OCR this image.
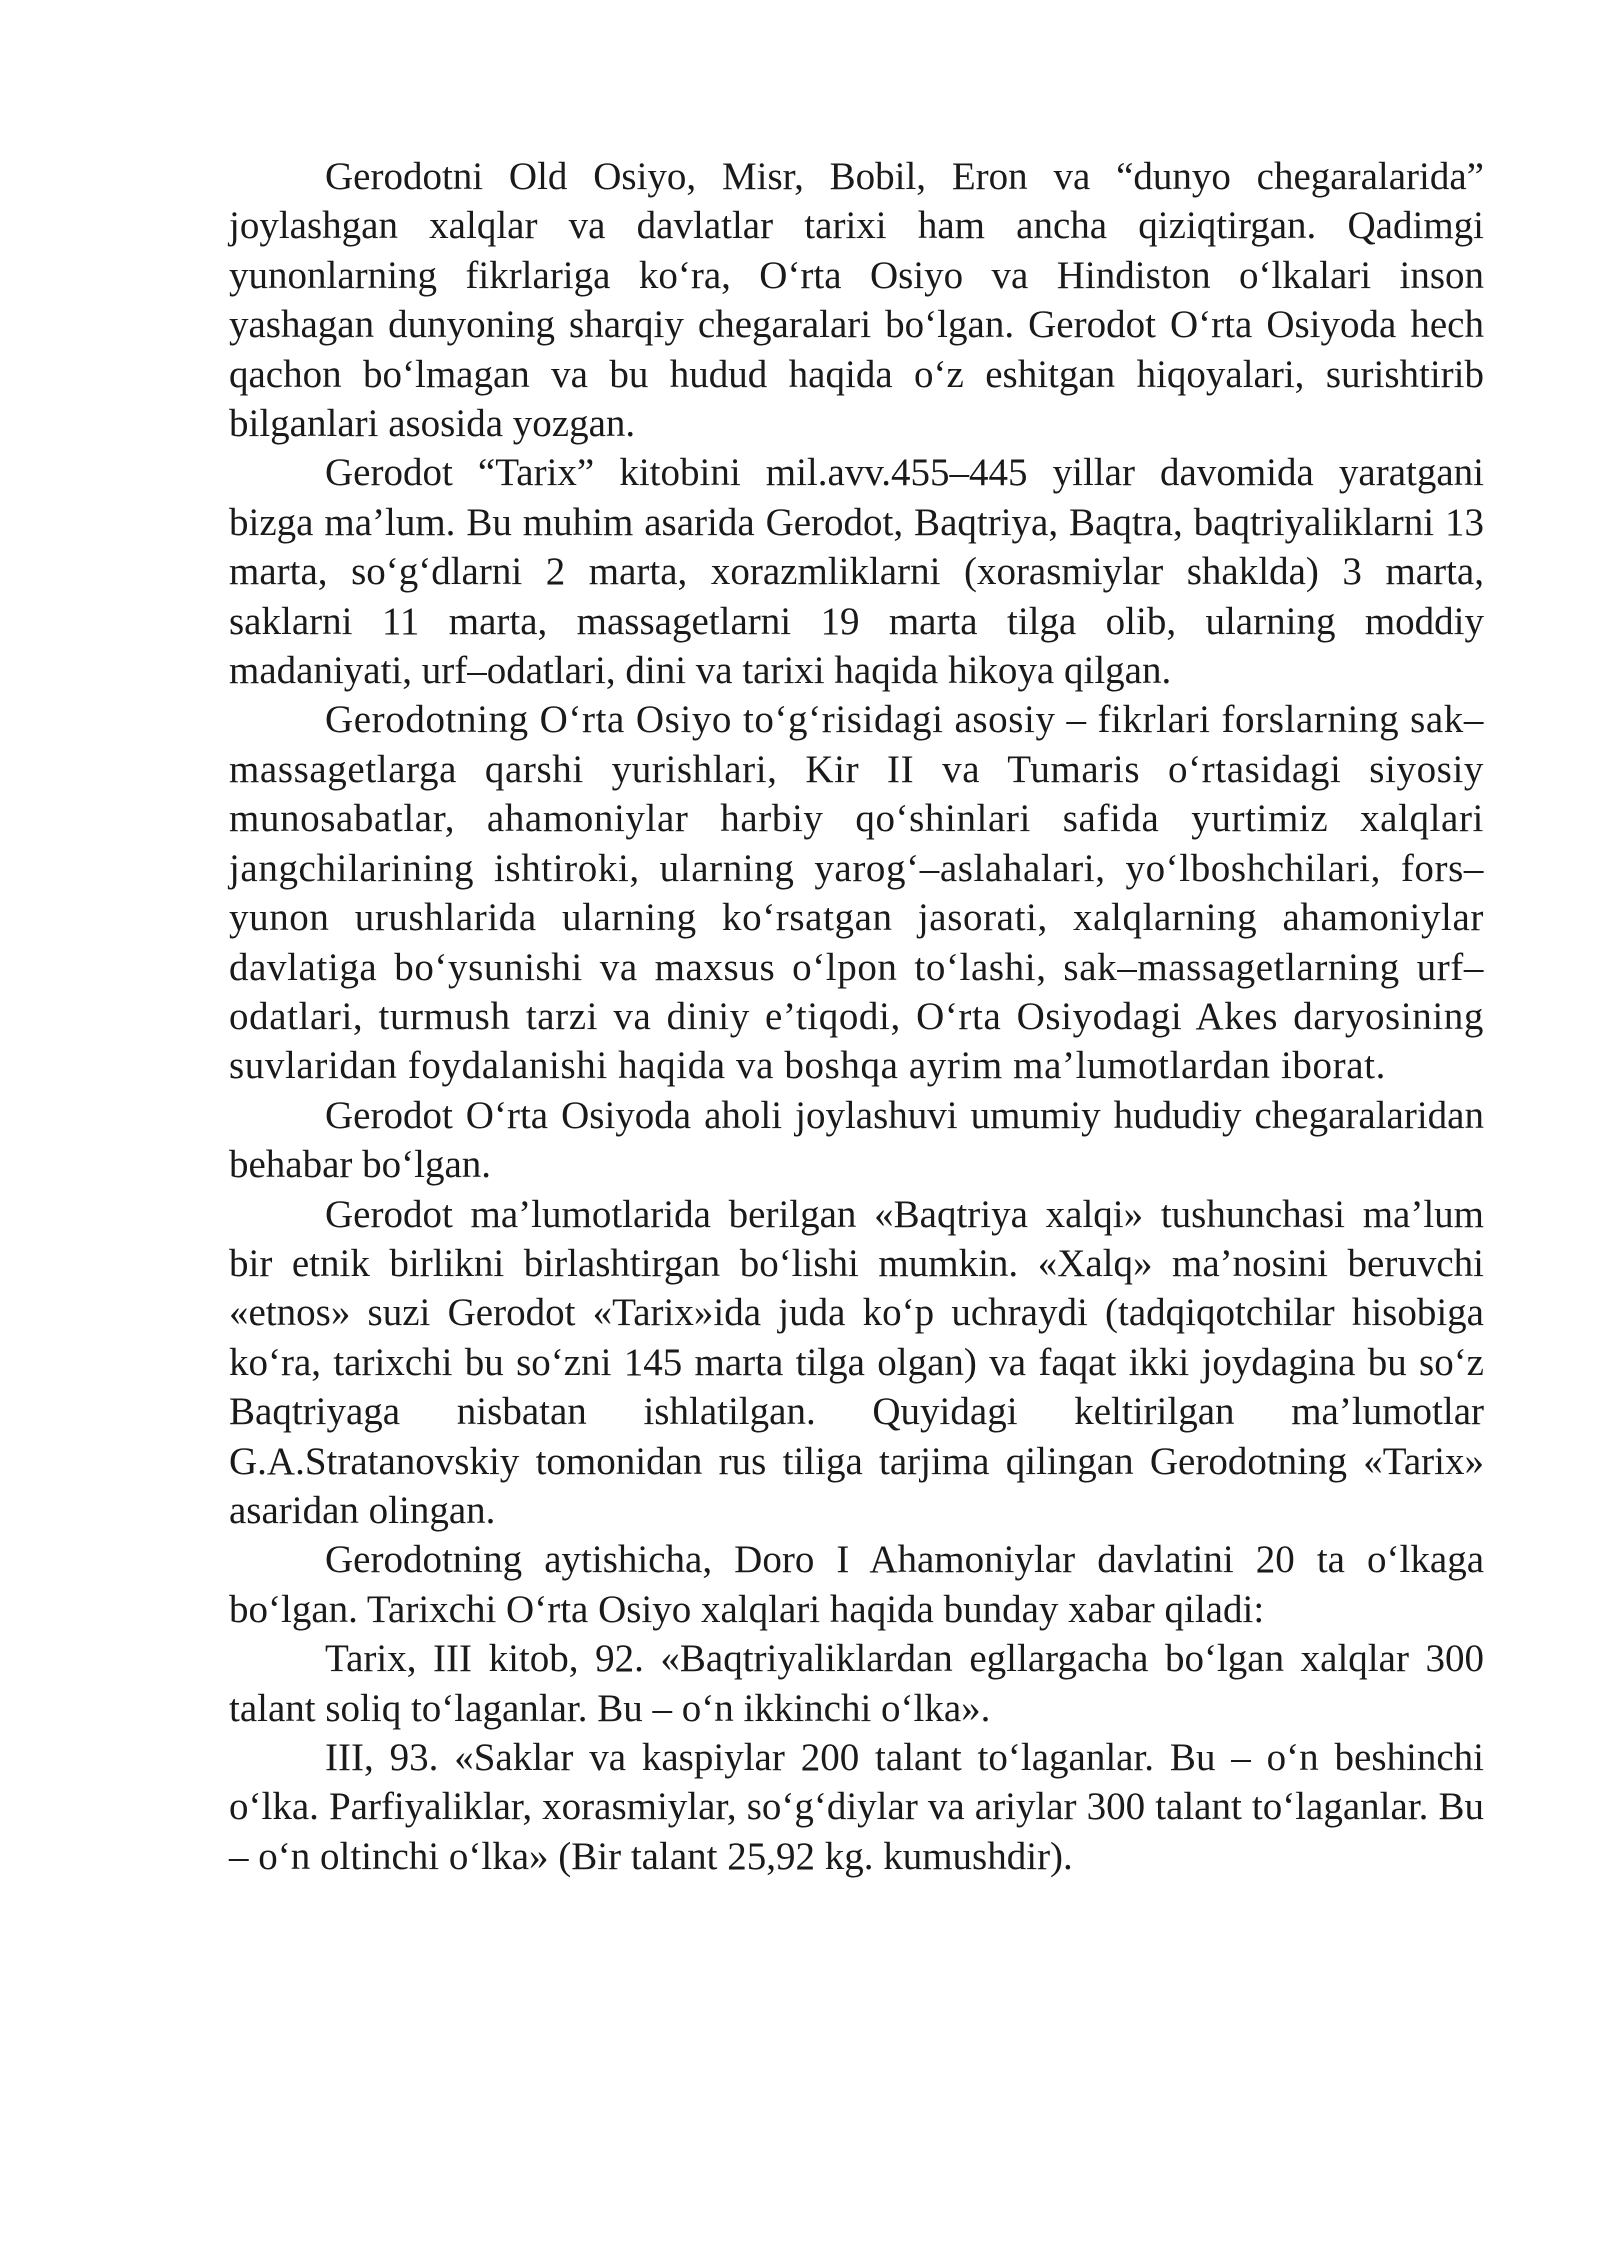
Gerodotni Old Osiyo, Misr, Bobil, Eron va “dunyo chegaralarida” joylashgan xalqlar va davlatlar tarixi ham ancha qiziqtirgan. Qadimgi yunonlarning fikrlariga ko‘ra, O‘rta Osiyo va Hindiston o‘lkalari inson yashagan dunyoning sharqiy chegaralari bo‘lgan. Gerodot O‘rta Osiyoda hech qachon bo‘lmagan va bu hudud haqida o‘z eshitgan hiqoyalari, surishtirib bilganlari asosida yozgan.

Gerodot “Tarix” kitobini mil.avv.455–445 yillar davomida yaratgani bizga ma’lum. Bu muhim asarida Gerodot, Baqtriya, Baqtra, baqtriyaliklarni 13 marta, so‘g‘dlarni 2 marta, xorazmliklarni (xorasmiylar shaklda) 3 marta, saklarni 11 marta, massagetlarni 19 marta tilga olib, ularning moddiy madaniyati, urf–odatlari, dini va tarixi haqida hikoya qilgan.

Gerodotning O‘rta Osiyo to‘g‘risidagi asosiy – fikrlari forslarning sak–massagetlarga qarshi yurishlari, Kir II va Tumaris o‘rtasidagi siyosiy munosabatlar, ahamoniylar harbiy qo‘shinlari safida yurtimiz xalqlari jangchilarining ishtiroki, ularning yarog‘–aslahalari, yo‘lboshchilari, fors–yunon urushlarida ularning ko‘rsatgan jasorati, xalqlarning ahamoniylar davlatiga bo‘ysunishi va maxsus o‘lpon to‘lashi, sak–massagetlarning urf–odatlari, turmush tarzi va diniy e’tiqodi, O‘rta Osiyodagi Akes daryosining suvlaridan foydalanishi haqida va boshqa ayrim ma’lumotlardan iborat.

Gerodot O‘rta Osiyoda aholi joylashuvi umumiy hududiy chegaralaridan behabar bo‘lgan.

Gerodot ma’lumotlarida berilgan «Baqtriya xalqi» tushunchasi ma’lum bir etnik birlikni birlashtirgan bo‘lishi mumkin. «Xalq» ma’nosini beruvchi «etnos» suzi Gerodot «Tarix»ida juda ko‘p uchraydi (tadqiqotchilar hisobiga ko‘ra, tarixchi bu so‘zni 145 marta tilga olgan) va faqat ikki joydagina bu so‘z Baqtriyaga nisbatan ishlatilgan. Quyidagi keltirilgan ma’lumotlar G.A.Stratanovskiy tomonidan rus tiliga tarjima qilingan Gerodotning «Tarix» asaridan olingan.

Gerodotning aytishicha, Doro I Ahamoniylar davlatini 20 ta o‘lkaga bo‘lgan. Tarixchi O‘rta Osiyo xalqlari haqida bunday xabar qiladi:

Tarix, III kitob, 92. «Baqtriyaliklardan egllargacha bo‘lgan xalqlar 300 talant soliq to‘laganlar. Bu – o‘n ikkinchi o‘lka».

III, 93. «Saklar va kaspiylar 200 talant to‘laganlar. Bu – o‘n beshinchi o‘lka. Parfiyaliklar, xorasmiylar, so‘g‘diylar va ariylar 300 talant to‘laganlar. Bu – o‘n oltinchi o‘lka» (Bir talant 25,92 kg. kumushdir).
